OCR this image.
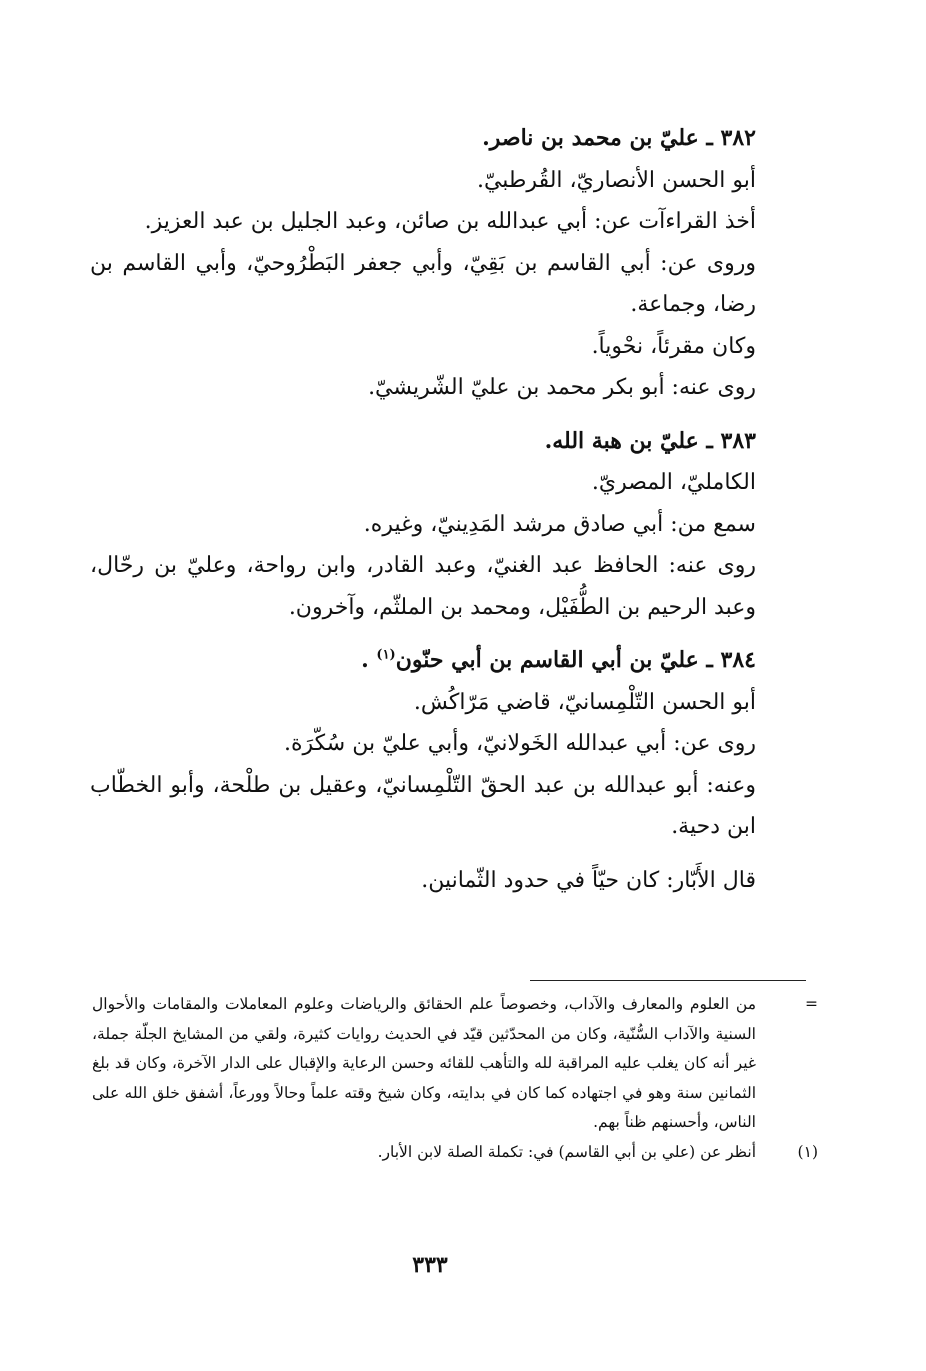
٣٨٢ ـ عليّ بن محمد بن ناصر.

أبو الحسن الأنصاريّ، القُرطبيّ.

أخذ القراءآت عن: أبي عبدالله بن صائن، وعبد الجليل بن عبد العزيز.

وروى عن: أبي القاسم بن بَقِيّ، وأبي جعفر البَطْرُوحيّ، وأبي القاسم بن رضا، وجماعة.

وكان مقرئاً، نحْوياً.

روى عنه: أبو بكر محمد بن عليّ الشّريشيّ.

٣٨٣ ـ عليّ بن هبة الله.

الكامليّ، المصريّ.

سمع من: أبي صادق مرشد المَدِينيّ، وغيره.

روى عنه: الحافظ عبد الغنيّ، وعبد القادر، وابن رواحة، وعليّ بن رحّال، وعبد الرحيم بن الطُّفَيْل، ومحمد بن الملثّم، وآخرون.

٣٨٤ ـ عليّ بن أبي القاسم بن أبي حنّون$^{(١)}$ .

أبو الحسن التّلْمِسانيّ، قاضي مَرّاكُش.

روى عن: أبي عبدالله الخَولانيّ، وأبي عليّ بن سُكّرَة.

وعنه: أبو عبدالله بن عبد الحقّ التّلْمِسانيّ، وعقيل بن طلْحة، وأبو الخطّاب ابن دحية.

قال الأَبّار: كان حيّاً في حدود الثّمانين.

=

من العلوم والمعارف والآداب، وخصوصاً علم الحقائق والرياضات وعلوم المعاملات والمقامات والأحوال السنية والآداب السُّنّية، وكان من المحدّثين قيّد في الحديث روايات كثيرة، ولقي من المشايخ الجلّة جملة، غير أنه كان يغلب عليه المراقبة لله والتأهب للقائه وحسن الرعاية والإقبال على الدار الآخرة، وكان قد بلغ الثمانين سنة وهو في اجتهاده كما كان في بدايته، وكان شيخ وقته علماً وحالاً وورعاً، أشفق خلق الله على الناس، وأحسنهم ظناً بهم.

(١)

أنظر عن (علي بن أبي القاسم) في: تكملة الصلة لابن الأبار.

٣٣٣
